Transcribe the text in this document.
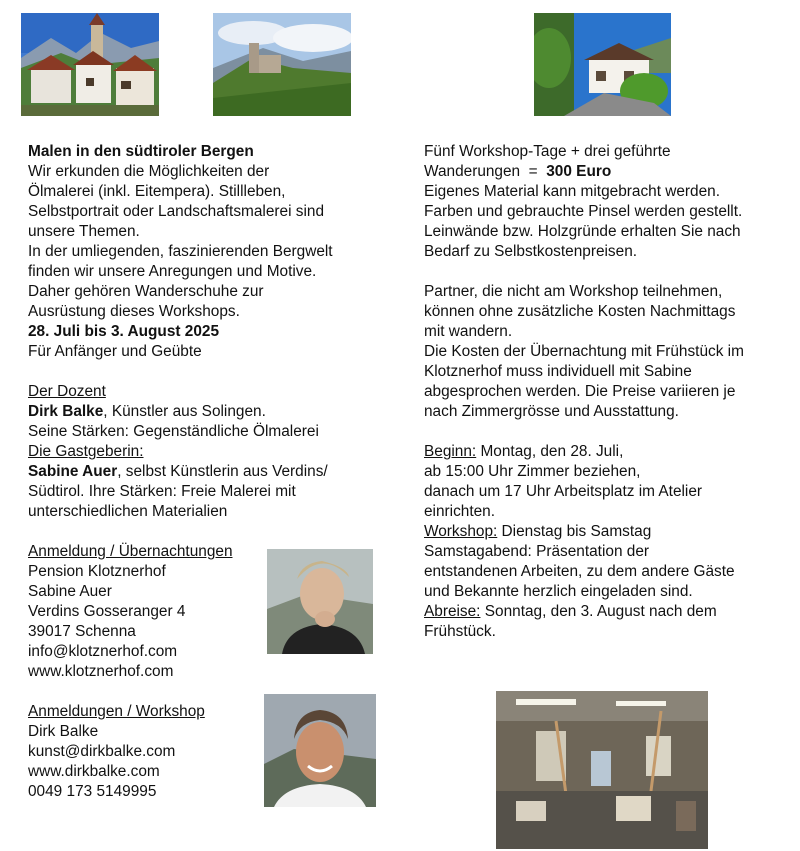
Malen in den südtiroler Bergen
Wir erkunden die Möglichkeiten der
Ölmalerei (inkl. Eitempera). Stillleben,
Selbstportrait oder Landschaftsmalerei sind
unsere Themen.
In der umliegenden, faszinierenden Bergwelt
finden wir unsere Anregungen und Motive.
Daher gehören Wanderschuhe zur
Ausrüstung dieses Workshops.
28. Juli bis 3. August 2025
Für Anfänger und Geübte
Der Dozent
Dirk Balke, Künstler aus Solingen.
Seine Stärken: Gegenständliche Ölmalerei
Die Gastgeberin:
Sabine Auer, selbst Künstlerin aus Verdins/
Südtirol. Ihre Stärken: Freie Malerei mit
unterschiedlichen Materialien
Anmeldung / Übernachtungen
Pension Klotznerhof
Sabine Auer
Verdins Gosseranger 4
39017 Schenna
info@klotznerhof.com
www.klotznerhof.com
Anmeldungen / Workshop
Dirk Balke
kunst@dirkbalke.com
www.dirkbalke.com
0049 173 5149995
Fünf Workshop-Tage + drei geführte
Wanderungen  =  300 Euro
Eigenes Material kann mitgebracht werden.
Farben und gebrauchte Pinsel werden gestellt.
Leinwände bzw. Holzgründe erhalten Sie nach
Bedarf zu Selbstkostenpreisen.
Partner, die nicht am Workshop teilnehmen,
können ohne zusätzliche Kosten Nachmittags
mit wandern.
Die Kosten der Übernachtung mit Frühstück im
Klotznerhof muss individuell mit Sabine
abgesprochen werden. Die Preise variieren je
nach Zimmergrösse und Ausstattung.
Beginn: Montag, den 28. Juli,
ab 15:00 Uhr Zimmer beziehen,
danach um 17 Uhr Arbeitsplatz im Atelier
einrichten.
Workshop: Dienstag bis Samstag
Samstagabend: Präsentation der
entstandenen Arbeiten, zu dem andere Gäste
und Bekannte herzlich eingeladen sind.
Abreise: Sonntag, den 3. August nach dem
Frühstück.
